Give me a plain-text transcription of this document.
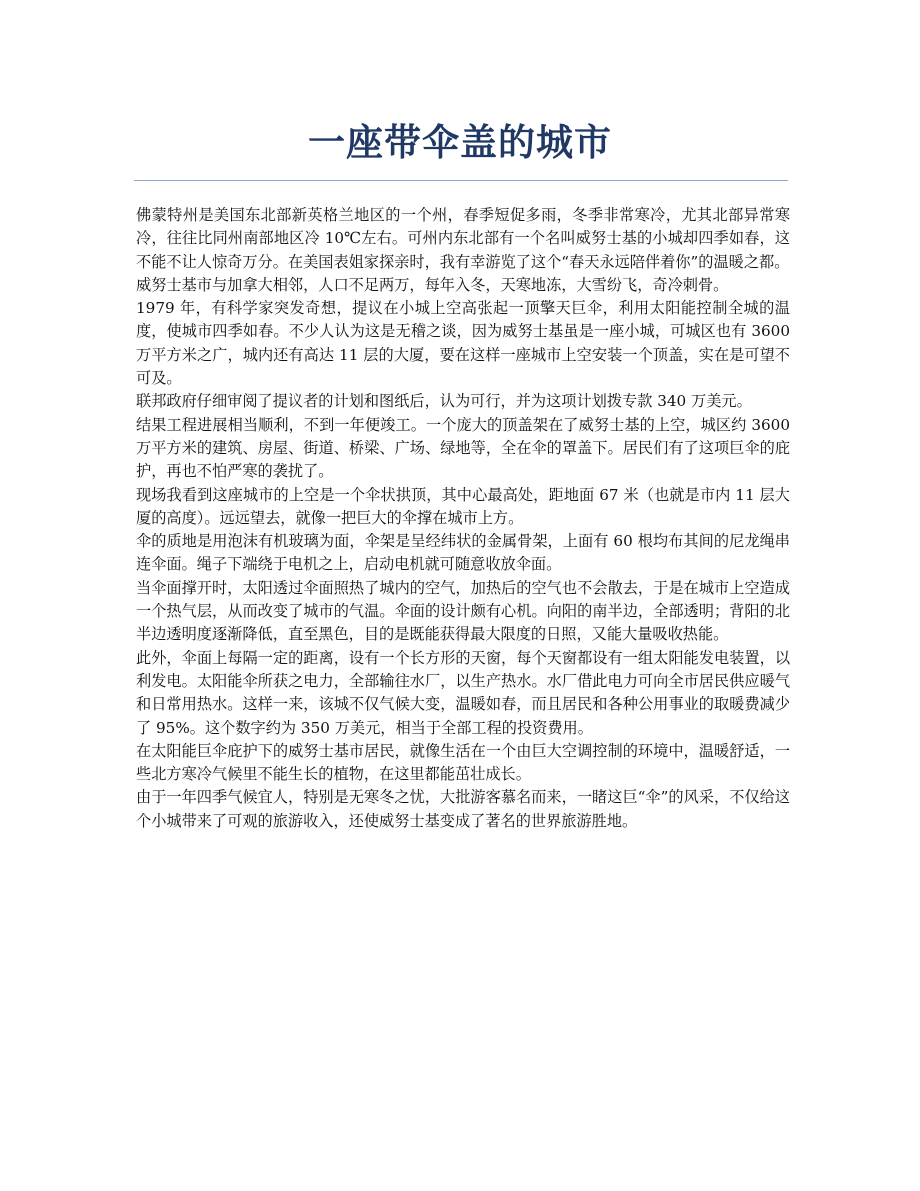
一座带伞盖的城市

佛蒙特州是美国东北部新英格兰地区的一个州，春季短促多雨，冬季非常寒冷，尤其北部异常寒冷，往往比同州南部地区冷 10℃左右。可州内东北部有一个名叫威努士基的小城却四季如春，这不能不让人惊奇万分。在美国表姐家探亲时，我有幸游览了这个“春天永远陪伴着你”的温暖之都。

威努士基市与加拿大相邻，人口不足两万，每年入冬，天寒地冻，大雪纷飞，奇冷刺骨。

1979 年，有科学家突发奇想，提议在小城上空高张起一顶擎天巨伞，利用太阳能控制全城的温度，使城市四季如春。不少人认为这是无稽之谈，因为威努士基虽是一座小城，可城区也有 3600 万平方米之广，城内还有高达 11 层的大厦，要在这样一座城市上空安装一个顶盖，实在是可望不可及。

联邦政府仔细审阅了提议者的计划和图纸后，认为可行，并为这项计划拨专款 340 万美元。

结果工程进展相当顺利，不到一年便竣工。一个庞大的顶盖架在了威努士基的上空，城区约 3600 万平方米的建筑、房屋、街道、桥梁、广场、绿地等，全在伞的罩盖下。居民们有了这项巨伞的庇护，再也不怕严寒的袭扰了。

现场我看到这座城市的上空是一个伞状拱顶，其中心最高处，距地面 67 米（也就是市内 11 层大厦的高度）。远远望去，就像一把巨大的伞撑在城市上方。

伞的质地是用泡沫有机玻璃为面，伞架是呈经纬状的金属骨架，上面有 60 根均布其间的尼龙绳串连伞面。绳子下端绕于电机之上，启动电机就可随意收放伞面。

当伞面撑开时，太阳透过伞面照热了城内的空气，加热后的空气也不会散去，于是在城市上空造成一个热气层，从而改变了城市的气温。伞面的设计颇有心机。向阳的南半边，全部透明；背阳的北半边透明度逐渐降低，直至黑色，目的是既能获得最大限度的日照，又能大量吸收热能。

此外，伞面上每隔一定的距离，设有一个长方形的天窗，每个天窗都设有一组太阳能发电装置，以利发电。太阳能伞所获之电力，全部输往水厂，以生产热水。水厂借此电力可向全市居民供应暖气和日常用热水。这样一来，该城不仅气候大变，温暖如春，而且居民和各种公用事业的取暖费减少了 95%。这个数字约为 350 万美元，相当于全部工程的投资费用。

在太阳能巨伞庇护下的威努士基市居民，就像生活在一个由巨大空调控制的环境中，温暖舒适，一些北方寒冷气候里不能生长的植物，在这里都能茁壮成长。

由于一年四季气候宜人，特别是无寒冬之忧，大批游客慕名而来，一睹这巨“伞”的风采，不仅给这个小城带来了可观的旅游收入，还使威努士基变成了著名的世界旅游胜地。
